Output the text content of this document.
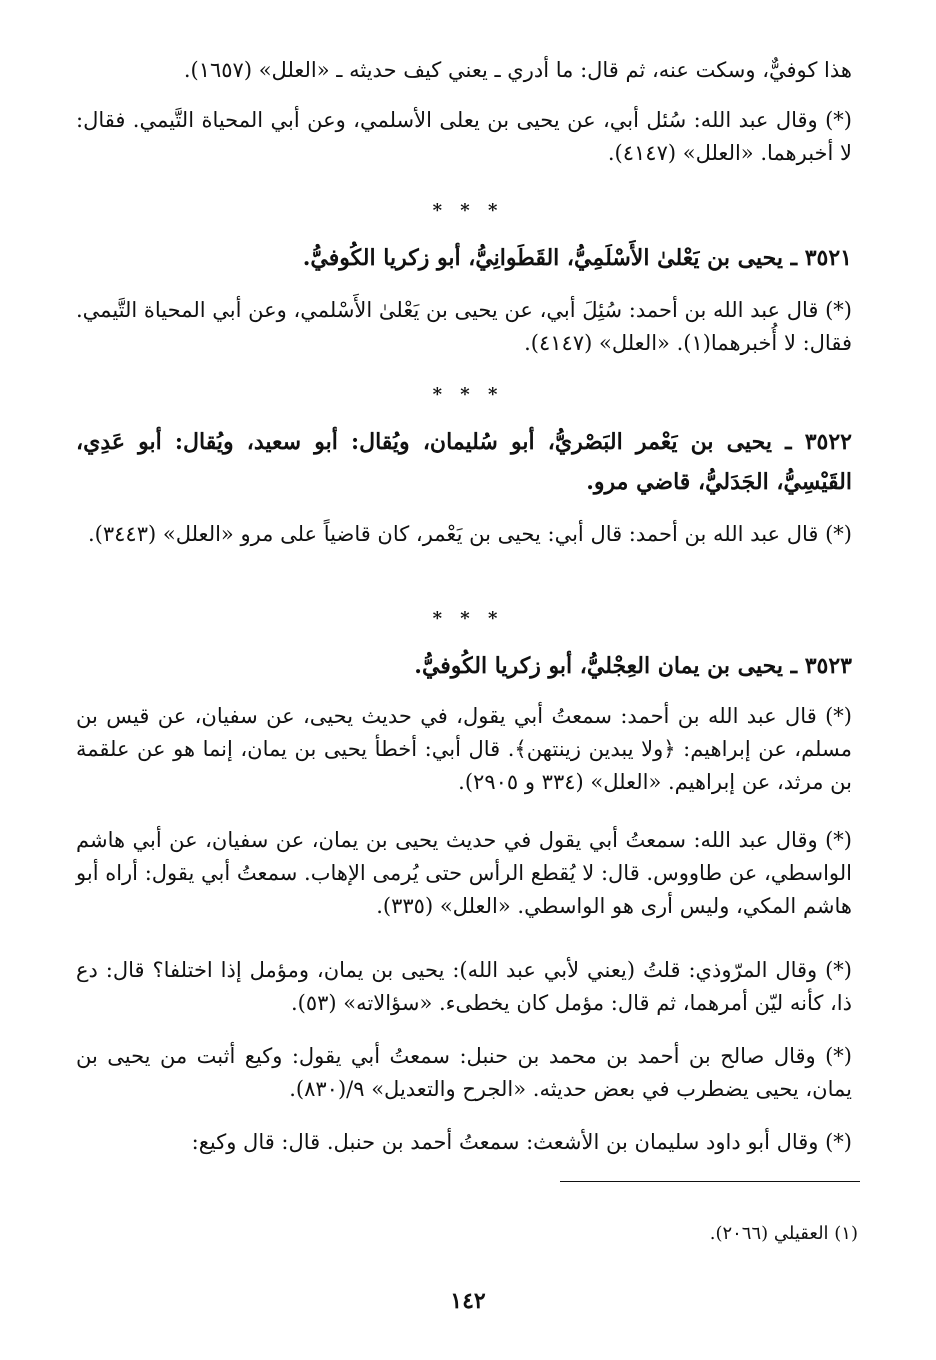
هذا كوفيٌّ، وسكت عنه، ثم قال: ما أدري ـ يعني كيف حديثه ـ «العلل» (١٦٥٧).

(*) وقال عبد الله: سُئل أبي، عن يحيى بن يعلى الأسلمي، وعن أبي المحياة التَّيمي. فقال: لا أخبرهما. «العلل» (٤١٤٧).

* * *

٣٥٢١ ـ يحيى بن يَعْلىٰ الأَسْلَمِيُّ، القَطَوانِيُّ، أبو زكريا الكُوفيُّ.

(*) قال عبد الله بن أحمد: سُئِلَ أبي، عن يحيى بن يَعْلىٰ الأَسْلمي، وعن أبي المحياة التَّيمي. فقال: لا أُخبرهما(١). «العلل» (٤١٤٧).

* * *

٣٥٢٢ ـ يحيى بن يَعْمر البَصْريُّ، أبو سُليمان، ويُقال: أبو سعيد، ويُقال: أبو عَدِي، القَيْسِيُّ، الجَدَليُّ، قاضي مرو.

(*) قال عبد الله بن أحمد: قال أبي: يحيى بن يَعْمر، كان قاضياً على مرو «العلل» (٣٤٤٣).

* * *

٣٥٢٣ ـ يحيى بن يمان العِجْليُّ، أبو زكريا الكُوفيُّ.

(*) قال عبد الله بن أحمد: سمعتُ أبي يقول، في حديث يحيى، عن سفيان، عن قيس بن مسلم، عن إبراهيم: ﴿ولا يبدين زينتهن﴾. قال أبي: أخطأ يحيى بن يمان، إنما هو عن علقمة بن مرثد، عن إبراهيم. «العلل» (٣٣٤ و ٢٩٠٥).

(*) وقال عبد الله: سمعتُ أبي يقول في حديث يحيى بن يمان، عن سفيان، عن أبي هاشم الواسطي، عن طاووس. قال: لا يُقطع الرأس حتى يُرمى الإهاب. سمعتُ أبي يقول: أراه أبو هاشم المكي، وليس أرى هو الواسطي. «العلل» (٣٣٥).

(*) وقال المرّوذي: قلتُ (يعني لأبي عبد الله): يحيى بن يمان، ومؤمل إذا اختلفا؟ قال: دع ذا، كأنه ليّن أمرهما، ثم قال: مؤمل كان يخطىء. «سؤالاته» (٥٣).

(*) وقال صالح بن أحمد بن محمد بن حنبل: سمعتُ أبي يقول: وكيع أثبت من يحيى بن يمان، يحيى يضطرب في بعض حديثه. «الجرح والتعديل» ٩/(٨٣٠).

(*) وقال أبو داود سليمان بن الأشعث: سمعتُ أحمد بن حنبل. قال: قال وكيع:

(١) العقيلي (٢٠٦٦).

١٤٢
